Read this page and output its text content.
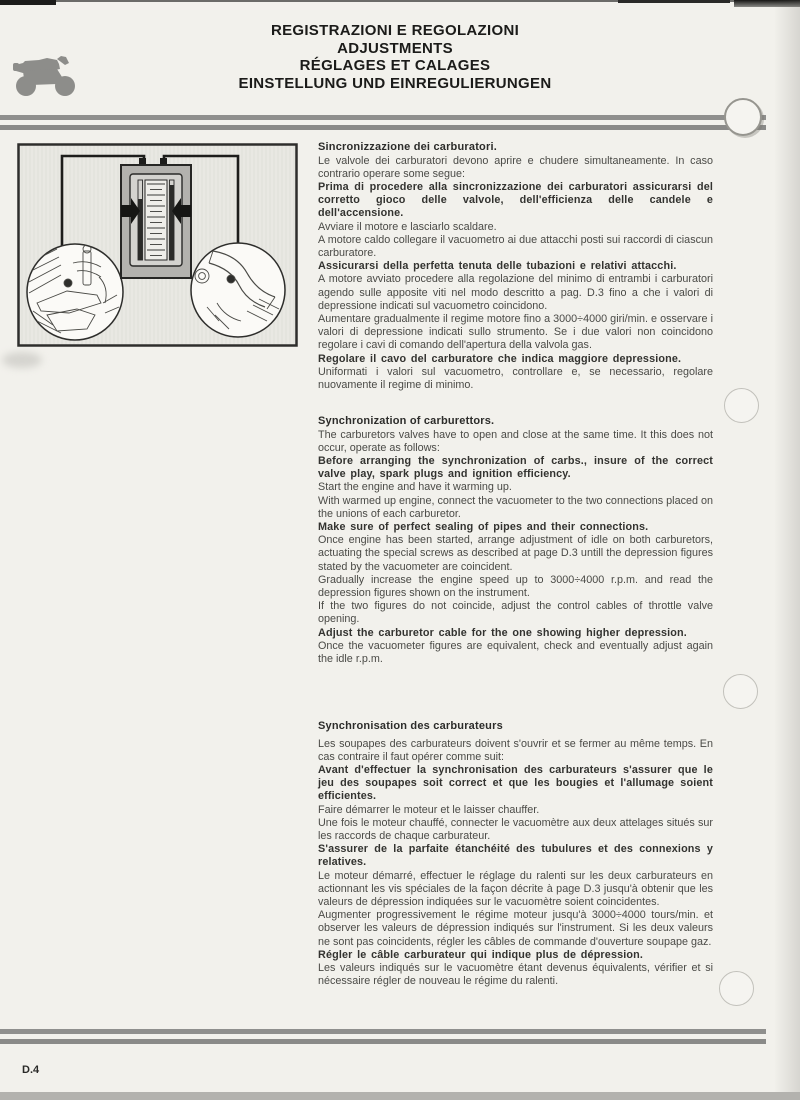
REGISTRAZIONI E REGOLAZIONI
ADJUSTMENTS
RÉGLAGES ET CALAGES
EINSTELLUNG UND EINREGULIERUNGEN
Sincronizzazione dei carburatori.

Le valvole dei carburatori devono aprire e chudere simultaneamente. In caso contrario operare some segue:

Prima di procedere alla sincronizzazione dei carburatori assicurarsi del corretto gioco delle valvole, dell'efficienza delle candele e dell'accensione.

Avviare il motore e lasciarlo scaldare.

A motore caldo collegare il vacuometro ai due attacchi posti sui raccordi di ciascun carburatore.

Assicurarsi della perfetta tenuta delle tubazioni e relativi attacchi.

A motore avviato procedere alla regolazione del minimo di entrambi i carburatori agendo sulle apposite viti nel modo descritto a pag. D.3 fino a che i valori di depressione indicati sul vacuometro coincidono.

Aumentare gradualmente il regime motore fino a 3000÷4000 giri/min. e osservare i valori di depressione indicati sullo strumento. Se i due valori non coincidono regolare i cavi di comando dell'apertura della valvola gas.

Regolare il cavo del carburatore che indica maggiore depressione.

Uniformati i valori sul vacuometro, controllare e, se necessario, regolare nuovamente il regime di minimo.

Synchronization of carburettors.

The carburetors valves have to open and close at the same time. It this does not occur, operate as follows:

Before arranging the synchronization of carbs., insure of the correct valve play, spark plugs and ignition efficiency.

Start the engine and have it warming up.

With warmed up engine, connect the vacuometer to the two connections placed on the unions of each carburetor.

Make sure of perfect sealing of pipes and their connections.

Once engine has been started, arrange adjustment of idle on both carburetors, actuating the special screws as described at page D.3 untill the depression figures stated by the vacuometer are coincident.

Gradually increase the engine speed up to 3000÷4000 r.p.m. and read the depression figures shown on the instrument.

If the two figures do not coincide, adjust the control cables of throttle valve opening.

Adjust the carburetor cable for the one showing higher depression.

Once the vacuometer figures are equivalent, check and eventually adjust again the idle r.p.m.

Synchronisation des carburateurs

Les soupapes des carburateurs doivent s'ouvrir et se fermer au même temps. En cas contraire il faut opérer comme suit:

Avant d'effectuer la synchronisation des carburateurs s'assurer que le jeu des soupapes soit correct et que les bougies et l'allumage soient efficientes.

Faire démarrer le moteur et le laisser chauffer.

Une fois le moteur chauffé, connecter le vacuomètre aux deux attelages situés sur les raccords de chaque carburateur.

S'assurer de la parfaite étanchéité des tubulures et des connexions y relatives.

Le moteur démarré, effectuer le réglage du ralenti sur les deux carburateurs en actionnant les vis spéciales de la façon décrite à page D.3 jusqu'à obtenir que les valeurs de dépression indiquées sur le vacuomètre soient coincidentes.

Augmenter progressivement le régime moteur jusqu'à 3000÷4000 tours/min. et observer les valeurs de dépression indiqués sur l'instrument. Si les deux valeurs ne sont pas coincidents, régler les câbles de commande d'ouverture soupape gaz.

Régler le câble carburateur qui indique plus de dépression.

Les valeurs indiqués sur le vacuomètre étant devenus équivalents, vérifier et si nécessaire régler de nouveau le régime du ralenti.

D.4
